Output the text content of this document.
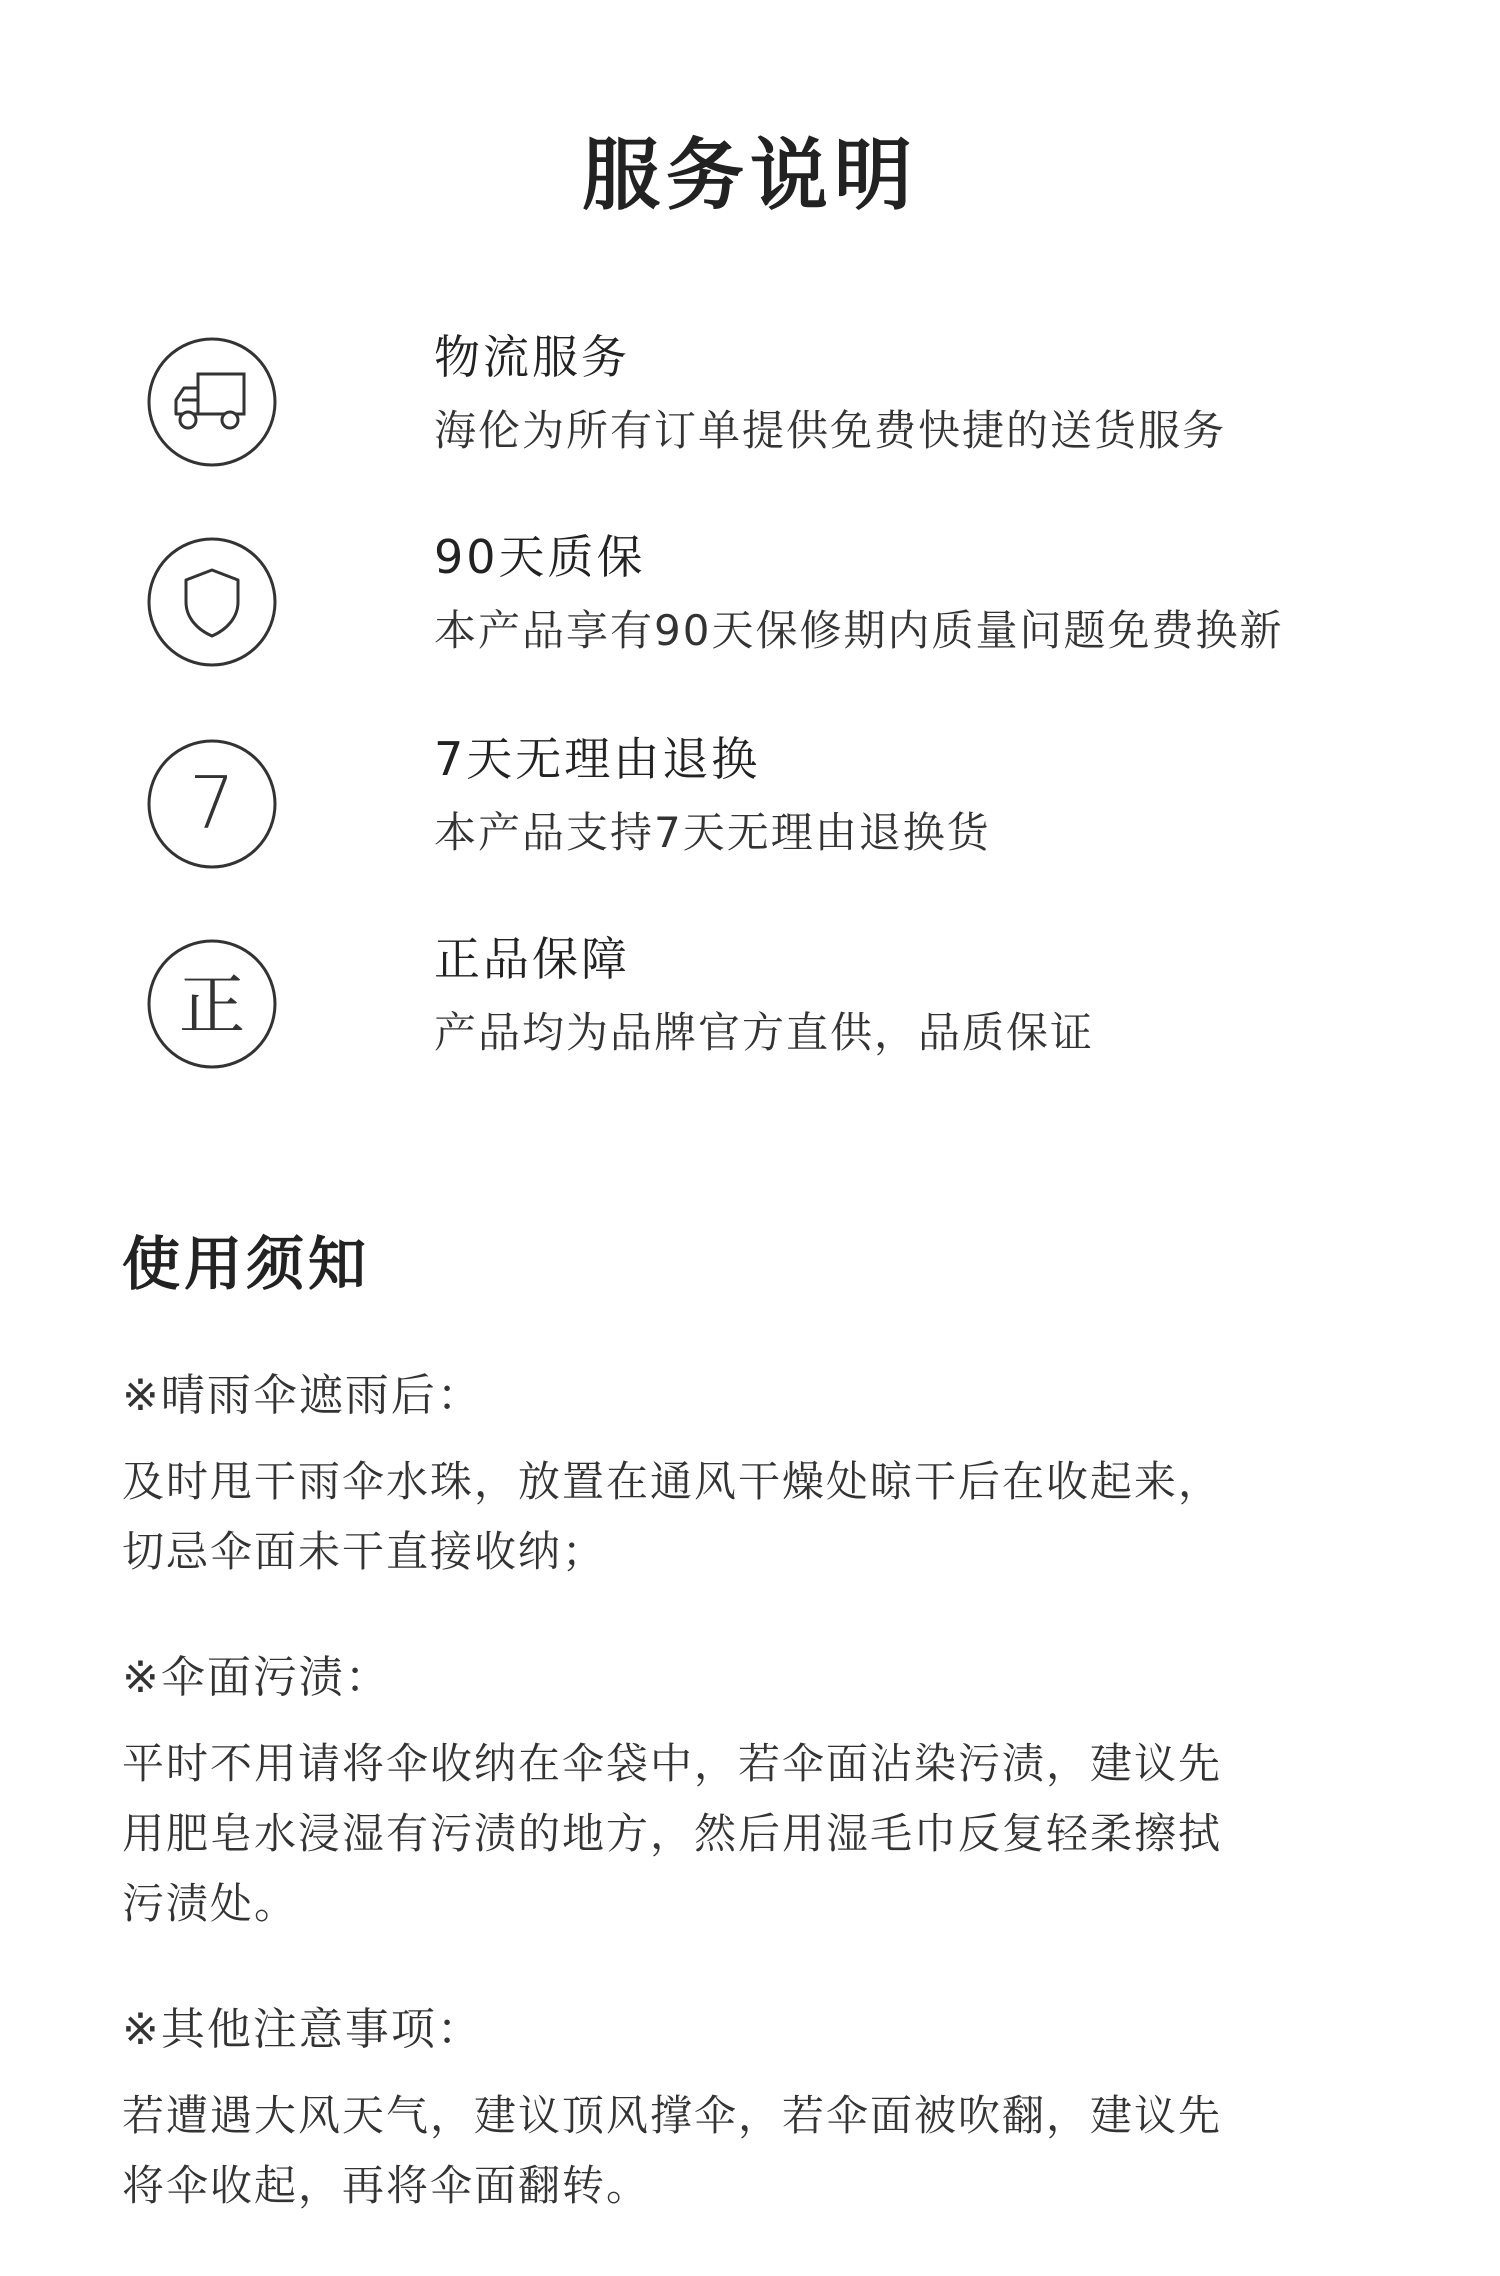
服务说明
物流服务
海伦为所有订单提供免费快捷的送货服务
90天质保
本产品享有90天保修期内质量问题免费换新
7
7天无理由退换
本产品支持7天无理由退换货
正
正品保障
产品均为品牌官方直供，品质保证
使用须知
※晴雨伞遮雨后：
及时甩干雨伞水珠，放置在通风干燥处晾干后在收起来，
切忌伞面未干直接收纳；
※伞面污渍：
平时不用请将伞收纳在伞袋中，若伞面沾染污渍，建议先
用肥皂水浸湿有污渍的地方，然后用湿毛巾反复轻柔擦拭
污渍处。
※其他注意事项：
若遭遇大风天气，建议顶风撑伞，若伞面被吹翻，建议先
将伞收起，再将伞面翻转。
